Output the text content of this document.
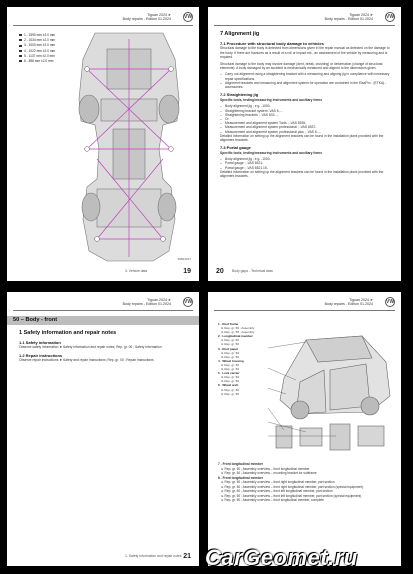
Tiguan 2024 ➤
Body repairs - Edition 01.2024	VW
1 - 1590 mm ±2.0 mm
2 - 1034 mm ±2.0 mm
3 - 1000 mm ±2.0 mm
4 - 1022 mm ±2.0 mm
5 - 1137 mm ±2.0 mm
6 - 898 mm ±2.0 mm
Z9824227
3. Vehicle data	19
Tiguan 2024 ➤
Body repairs - Edition 01.2024	VW
7 Alignment jig
7.1 Procedure with structural body damage to vehicles

Structural damage to the body is detected from dimensions given in the repair manual as detected on the damage to the body. If there are fractures as a result of a roll or impact etc., an assessment of the vehicle by measuring and is required.

Structural damage to the body may involve damage (dent, break, crushing) or deformation (change of structural elements). A body damaged by an accident is mechanically measured and aligned to the dimensions given.

– Carry out alignment using a straightening bracket with a measuring and aligning jig in compliance with necessary repair specifications.
– Alignment brackets and measuring and alignment system for operation are contained in the ElsaPro - (ETKA) - accessories.
7.2 Straightening jig

Specific tools, testing/measuring instruments and auxiliary items

– Body alignment jig ; e.g. -1000-
– Straightening bracket system -VAS 6...-
– Straightening brackets ; -VAS 502...-
– Or
– Measurement and alignment system Tools ; -VAS 6535-
– Measurement and alignment system professional ; -VAS 6537-
– Measurement and alignment system professional plus ; -VAS 6...-

Detailed information on setting up the alignment brackets can be found in the installation plans provided with the alignment brackets.

7.3 Portal gauge

Specific tools, testing/measuring instruments and auxiliary items

– Body alignment jig ; e.g. -1000-
– Portal gauge ; -VAS 6521-
– Portal gauge ; -VAS 6521.15-

Detailed information on setting up the alignment brackets can be found in the installation plans provided with the alignment brackets.

20 Body gaps - Technical data
Tiguan 2024 ➤
Body repairs - Edition 01.2024	VW
50 – Body - front
1 Safety information and repair notes
1.1 Safety information

Observe safety information ➤ Safety information and repair notes; Rep. gr. 00 ; Safety information

1.2 Repair instructions

Observe repair instructions ➤ Safety and repair instructions; Rep. gr. 00 ; Repair instructions

1. Safety information and repair notes 21
Tiguan 2024 ➤
Body repairs - Edition 01.2024	VW
1 - Roof frame
➤ Rep. gr. 50 ; Assembly
➤ Rep. gr. 50 ; Assembly
2 - Longitudinal member
➤ Rep. gr. 50
➤ Rep. gr. 50
3 - Roof panel
➤ Rep. gr. 50
➤ Rep. gr. 50
4 - Wheel housing
➤ Rep. gr. 50
➤ Rep. gr. 50
5 - Lock carrier
➤ Rep. gr. 50
➤ Rep. gr. 50
6 - Wheel arch
➤ Rep. gr. 50
➤ Rep. gr. 50
7 - Front longitudinal member
➤ Rep. gr. 50 ; Assembly overview – front longitudinal member
➤ Rep. gr. 50 ; Assembly overview – mounting bracket for subframe
8 - Front longitudinal member
➤ Rep. gr. 50 ; Assembly overview – front right longitudinal member, part section
➤ Rep. gr. 50 ; Assembly overview – front right longitudinal member, part section (special equipment)
➤ Rep. gr. 50 ; Assembly overview – front left longitudinal member, part section
➤ Rep. gr. 50 ; Assembly overview – front left longitudinal member, part section (special equipment)
➤ Rep. gr. 50 ; Assembly overview – front longitudinal member, complete
CarGeomet.ru
